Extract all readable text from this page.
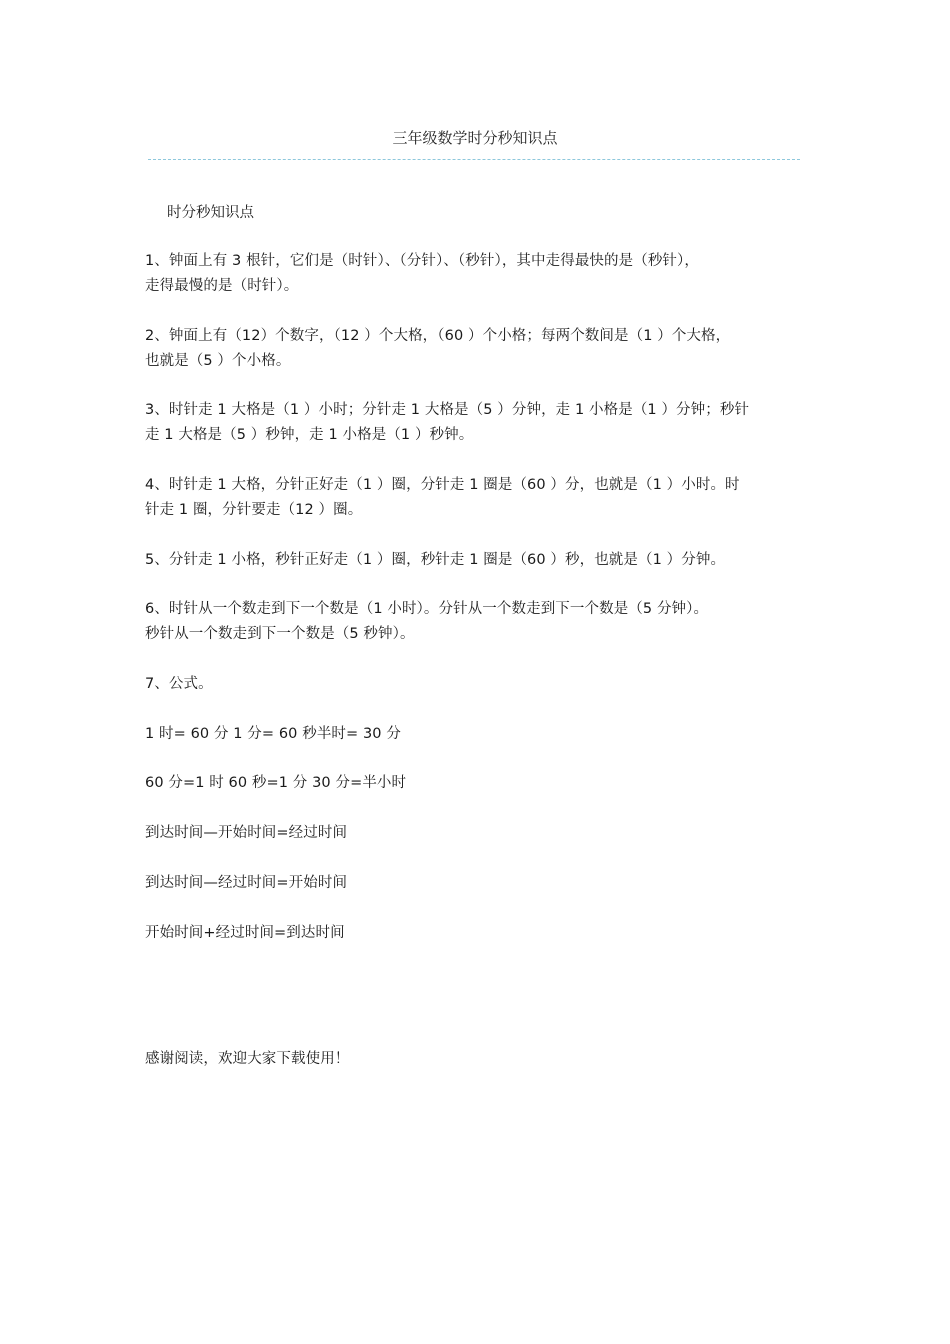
三年级数学时分秒知识点
时分秒知识点
1、钟面上有 3 根针，它们是（时针）、（分针）、（秒针），其中走得最快的是（秒针），
走得最慢的是（时针）。
2、钟面上有（12）个数字，（12 ）个大格，（60 ）个小格；每两个数间是（1 ）个大格，
也就是（5 ）个小格。
3、时针走 1 大格是（1 ）小时；分针走 1 大格是（5 ）分钟，走 1 小格是（1 ）分钟；秒针
走 1 大格是（5 ）秒钟，走 1 小格是（1 ）秒钟。
4、时针走 1 大格，分针正好走（1 ）圈，分针走 1 圈是（60 ）分，也就是（1 ）小时。时
针走 1 圈，分针要走（12 ）圈。
5、分针走 1 小格，秒针正好走（1 ）圈，秒针走 1 圈是（60 ）秒，也就是（1 ）分钟。
6、时针从一个数走到下一个数是（1 小时）。分针从一个数走到下一个数是（5 分钟）。
秒针从一个数走到下一个数是（5 秒钟）。
7、公式。
1 时= 60 分 1 分= 60 秒半时= 30 分
60 分=1 时 60 秒=1 分 30 分=半小时
到达时间—开始时间=经过时间
到达时间—经过时间=开始时间
开始时间+经过时间=到达时间
感谢阅读，欢迎大家下载使用！
